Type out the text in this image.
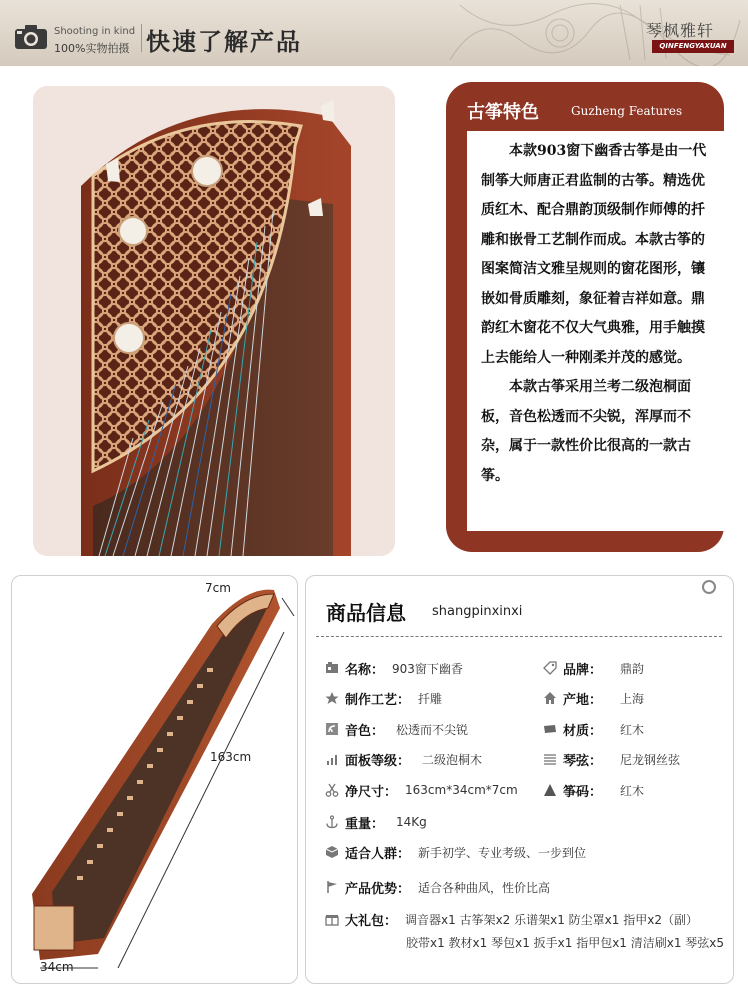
Shooting in kind
100%实物拍摄 快速了解产品	琴枫雅轩
QINFENGYAXUAN
古筝特色	Guzheng Features

本款903窗下幽香古筝是由一代制筝大师唐正君监制的古筝。精选优质红木、配合鼎韵顶级制作师傅的扦雕和嵌骨工艺制作而成。本款古筝的图案简洁文雅呈规则的窗花图形，镶嵌如骨质雕刻，象征着吉祥如意。鼎韵红木窗花不仅大气典雅，用手触摸上去能给人一种刚柔并茂的感觉。

本款古筝采用兰考二级泡桐面板，音色松透而不尖锐，浑厚而不杂，属于一款性价比很高的一款古筝。

7cm
163cm
34cm
商品信息 shangpinxinxi
名称： 903窗下幽香
制作工艺： 扦雕
音色： 松透而不尖锐
面板等级： 二级泡桐木
净尺寸： 163cm*34cm*7cm
重量： 14Kg
适合人群： 新手初学、专业考级、一步到位
产品优势： 适合各种曲风，性价比高
大礼包： 调音器x1 古筝架x2 乐谱架x1 防尘罩x1 指甲x2（副）
胶带x1 教材x1 琴包x1 扳手x1 指甲包x1 清洁刷x1 琴弦x5
品牌： 鼎韵
产地： 上海
材质： 红木
琴弦： 尼龙钢丝弦
筝码： 红木
